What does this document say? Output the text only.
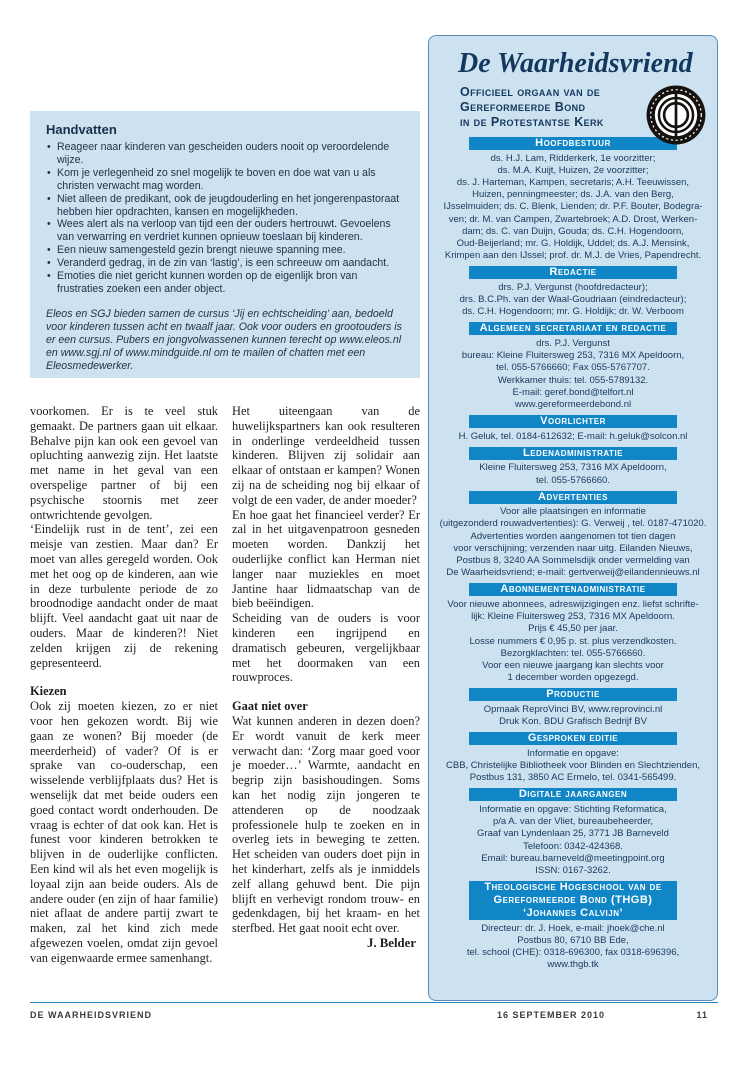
Handvatten
• Reageer naar kinderen van gescheiden ouders nooit op veroordelende wijze.
• Kom je verlegenheid zo snel mogelijk te boven en doe wat van u als christen verwacht mag worden.
• Niet alleen de predikant, ook de jeugdouderling en het jongerenpastoraat hebben hier opdrachten, kansen en mogelijkheden.
• Wees alert als na verloop van tijd een der ouders hertrouwt. Gevoelens van verwarring en verdriet kunnen opnieuw toeslaan bij kinderen.
• Een nieuw samengesteld gezin brengt nieuwe spanning mee.
• Veranderd gedrag, in de zin van ‘lastig’, is een schreeuw om aandacht.
• Emoties die niet gericht kunnen worden op de eigenlijk bron van frustraties zoeken een ander object.

Eleos en SGJ bieden samen de cursus ‘Jij en echtscheiding’ aan, bedoeld voor kinderen tussen acht en twaalf jaar. Ook voor ouders en grootouders is er een cursus. Pubers en jongvolwassenen kunnen terecht op www.eleos.nl en www.sgj.nl of www.mindguide.nl om te mailen of chatten met een Eleosmedewerker.

voorkomen. Er is te veel stuk gemaakt. De partners gaan uit elkaar. Behalve pijn kan ook een gevoel van opluchting aanwezig zijn. Het laatste met name in het geval van een overspelige partner of bij een psychische stoornis met zeer ontwrichtende gevolgen.

‘Eindelijk rust in de tent’, zei een meisje van zestien. Maar dan? Er moet van alles geregeld worden. Ook met het oog op de kinderen, aan wie in deze turbulente periode de zo broodnodige aandacht onder de maat blijft. Veel aandacht gaat uit naar de ouders. Maar de kinderen?! Niet zelden krijgen zij de rekening gepresenteerd.

Kiezen

Ook zij moeten kiezen, zo er niet voor hen gekozen wordt. Bij wie gaan ze wonen? Bij moeder (de meerderheid) of vader? Of is er sprake van co-ouderschap, een wisselende verblijfplaats dus? Het is wenselijk dat met beide ouders een goed contact wordt onderhouden. De vraag is echter of dat ook kan. Het is funest voor kinderen betrokken te blijven in de ouderlijke conflicten. Een kind wil als het even mogelijk is loyaal zijn aan beide ouders. Als de andere ouder (en zijn of haar familie) niet aflaat de andere partij zwart te maken, zal het kind zich mede afgewezen voelen, omdat zijn gevoel van eigenwaarde ermee samenhangt.

Het uiteengaan van de huwelijkspartners kan ook resulteren in onderlinge verdeeldheid tussen kinderen. Blijven zij solidair aan elkaar of ontstaan er kampen? Wonen zij na de scheiding nog bij elkaar of volgt de een vader, de ander moeder?

En hoe gaat het financieel verder? Er zal in het uitgavenpatroon gesneden moeten worden. Dankzij het ouderlijke conflict kan Herman niet langer naar muziekles en moet Jantine haar lidmaatschap van de bieb beëindigen.

Scheiding van de ouders is voor kinderen een ingrijpend en dramatisch gebeuren, vergelijkbaar met het doormaken van een rouwproces.

Gaat niet over

Wat kunnen anderen in dezen doen? Er wordt vanuit de kerk meer verwacht dan: ‘Zorg maar goed voor je moeder…’ Warmte, aandacht en begrip zijn basishoudingen. Soms kan het nodig zijn jongeren te attenderen op de noodzaak professionele hulp te zoeken en in overleg iets in beweging te zetten. Het scheiden van ouders doet pijn in het kinderhart, zelfs als je inmiddels zelf allang gehuwd bent. Die pijn blijft en verhevigt rondom trouw- en gedenkdagen, bij het kraam- en het sterfbed. Het gaat nooit echt over.

J. Belder

De Waarheidsvriend
Officieel orgaan van de
Gereformeerde Bond
in de Protestantse Kerk
Hoofdbestuur
ds. H.J. Lam, Ridderkerk, 1e voorzitter;
ds. M.A. Kuijt, Huizen, 2e voorzitter;
ds. J. Harteman, Kampen, secretaris; A.H. Teeuwissen,
Huizen, penningmeester; ds. J.A. van den Berg,
IJsselmuiden; ds. C. Blenk, Lienden; dr. P.F. Bouter, Bodegra-
ven; dr. M. van Campen, Zwartebroek; A.D. Drost, Werken-
dam; ds. C. van Duijn, Gouda; ds. C.H. Hogendoorn,
Oud-Beijerland; mr. G. Holdijk, Uddel; ds. A.J. Mensink,
Krimpen aan den IJssel; prof. dr. M.J. de Vries, Papendrecht.
Redactie
drs. P.J. Vergunst (hoofdredacteur);
drs. B.C.Ph. van der Waal-Goudriaan (eindredacteur);
ds. C.H. Hogendoorn; mr. G. Holdijk; dr. W. Verboom
Algemeen secretariaat en redactie
drs. P.J. Vergunst
bureau: Kleine Fluitersweg 253, 7316 MX Apeldoorn,
tel. 055-5766660; Fax 055-5767707.
Werkkamer thuis: tel. 055-5789132.
E-mail: geref.bond@telfort.nl
www.gereformeerdebond.nl
Voorlichter
H. Geluk, tel. 0184-612632; E-mail: h.geluk@solcon.nl
Ledenadministratie
Kleine Fluitersweg 253, 7316 MX Apeldoorn,
tel. 055-5766660.
Advertenties
Voor alle plaatsingen en informatie
(uitgezonderd rouwadvertenties): G. Verweij , tel. 0187-471020.
Advertenties worden aangenomen tot tien dagen
voor verschijning; verzenden naar uitg. Eilanden Nieuws,
Postbus 8, 3240 AA Sommelsdijk onder vermelding van
De Waarheidsvriend; e-mail: gertverweij@eilandennieuws.nl
Abonnementenadministratie
Voor nieuwe abonnees, adreswijzigingen enz. liefst schrifte-
lijk: Kleine Fluitersweg 253, 7316 MX Apeldoorn.
Prijs € 45,50 per jaar.
Losse nummers € 0,95 p. st. plus verzendkosten.
Bezorgklachten: tel. 055-5766660.
Voor een nieuwe jaargang kan slechts voor
1 december worden opgezegd.
Productie
Opmaak ReproVinci BV, www.reprovinci.nl
Druk Kon. BDU Grafisch Bedrijf BV
Gesproken editie
Informatie en opgave:
CBB, Christelijke Bibliotheek voor Blinden en Slechtzienden,
Postbus 131, 3850 AC Ermelo, tel. 0341-565499.
Digitale jaargangen
Informatie en opgave: Stichting Reformatica,
p/a A. van der Vliet, bureaubeheerder,
Graaf van Lyndenlaan 25, 3771 JB Barneveld
Telefoon: 0342-424368.
Email: bureau.barneveld@meetingpoint.org
ISSN: 0167-3262.
Theologische Hogeschool van de
Gereformeerde Bond (THGB)
‘Johannes Calvijn’
Directeur: dr. J. Hoek, e-mail: jhoek@che.nl
Postbus 80, 6710 BB Ede,
tel. school (CHE): 0318-696300, fax 0318-696396,
www.thgb.tk
DE WAARHEIDSVRIEND	16 SEPTEMBER 2010	11
